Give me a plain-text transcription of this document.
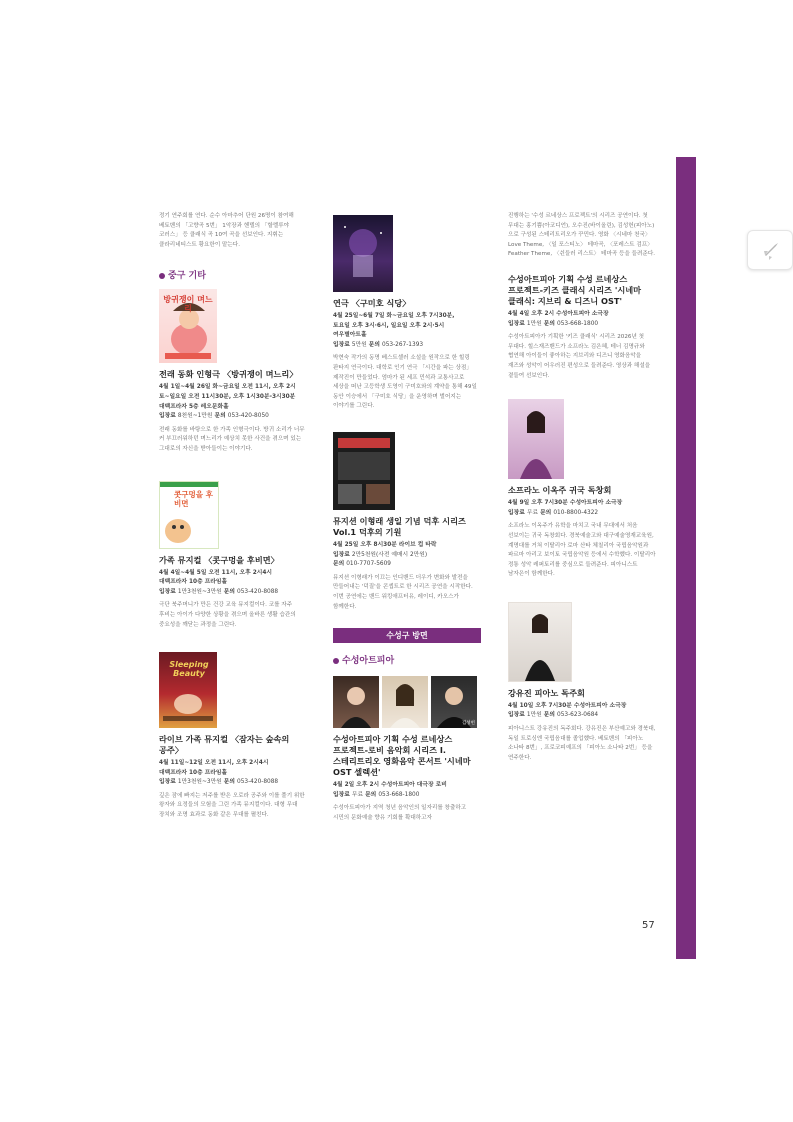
정기 연주회를 연다. 순수 아마추어 단원 26명이 참여해 베토벤의 「고향곡 5번」 1악장과 헨델의 「할렐루야 코러스」 등 클래식 곡 10여 곡을 선보인다. 지휘는 클라리네티스트 황요한이 맡는다.

중구 기타

방귀쟁이 며느리

전래 동화 인형극 〈방귀쟁이 며느리〉

4월 1일~4월 26일 화~금요일 오전 11시, 오후 2시

토~일요일 오전 11시30분, 오후 1시30분-3시30분

대백프라자 5층 레오문화홀

입장료 8천원~1만원 문의 053-420-8050

전래 동화를 바탕으로 한 가족 인형극이다. 방귀 소리가 너무 커 부끄러워하던 며느리가 예상치 못한 사건을 겪으며 있는 그대로의 자신을 받아들이는 이야기다.

콧구멍을 후비면

가족 뮤지컬 〈콧구멍을 후비면〉

4월 4일~4월 5일 오전 11시, 오후 2시4시

대백프라자 10층 프라임홀

입장료 1만3천원~3만원 문의 053-420-8088

극단 북주머니가 만든 건강 교육 뮤지컬이다. 코를 자주 후비는 아이가 다양한 상황을 겪으며 올바른 생활 습관의 중요성을 깨닫는 과정을 그린다.

Sleeping Beauty

라이브 가족 뮤지컬 〈잠자는 숲속의 공주〉

4월 11일~12일 오전 11시, 오후 2시4시

대백프라자 10층 프라임홀

입장료 1만3천원~3만원 문의 053-420-8088

깊은 잠에 빠지는 저주를 받은 오로라 공주와 이를 풀기 위한 왕자와 요정들의 모험을 그린 가족 뮤지컬이다. 대형 무대 장치와 조명 효과로 동화 같은 무대를 펼친다.

연극 〈구미호 식당〉

4월 25일~6월 7일 화~금요일 오후 7시30분,

토요일 오후 3시·6시, 일요일 오후 2시·5시

여우별아트홀

입장료 5만원 문의 053-267-1393

박현숙 작가의 동명 베스트셀러 소설을 원작으로 한 힐링 판타지 연극이다. 대학로 인기 연극 「시간을 파는 상점」 제작진이 만들었다. 엄마가 된 세프 민석과 교통사고로 세상을 떠난 고등학생 도영이 구미호와의 계약을 통해 49일 동안 이승에서 「구미호 식당」을 운영하며 벌어지는 이야기를 그린다.

뮤지션 이형래 생일 기념 덕후 시리즈 Vol.1 덕후의 기원

4월 25일 오후 8시30분 라이브 컵 타락

입장료 2만5천원(사전 예매시 2만원)

문의 010-7707-5609

뮤지션 이형래가 이끄는 인디밴드 더우가 변화와 발전을 만들어내는 '덕질'을 콘셉트로 한 시리즈 공연을 시작한다. 이번 공연에는 밴드 워킹애프터유, 레이디, 카오스가 함께한다.

수성구 방면

수성아트피아

김성헌

수성아트피아 기획 수성 르네상스 프로젝트-로비 음악회 시리즈 I. 스테리트리오 영화음악 콘서트 '시네마 OST 셀렉션'

4월 2일 오후 2시 수성아트피아 대극장 로비

입장료 무료 문의 053-668-1800

수성아트피아가 지역 청년 음악인의 일자리를 창출하고 시민의 문화예술 향유 기회를 확대하고자

진행하는 '수성 르네상스 프로젝트'의 시리즈 공연이다. 첫 무대는 홍기쁨(아코디언), 오수진(바이올린), 김성헌(피아노)으로 구성된 스테리트리오가 꾸민다. 영화 〈시네마 천국〉 Love Theme, 〈일 포스티노〉 테마곡, 〈포레스트 검프〉 Feather Theme, 〈쉰들러 리스트〉 테마곡 등을 들려준다.

수성아트피아 기획 수성 르네상스 프로젝트-키즈 클래식 시리즈 '시네마 클래식: 지브리 & 디즈니 OST'

4월 4일 오후 2시 수성아트피아 소극장

입장료 1만원 문의 053-668-1800

수성아트피아가 기획한 '키즈 클래식' 시리즈 2026년 첫 무대다. 힐스재즈밴드가 소프라노 김은혜, 테너 김명규와 협연해 아이들이 좋아하는 지브리와 디즈니 영화음악을 재즈와 성악이 어우러진 편성으로 들려준다. 영상과 해설을 곁들여 선보인다.

소프라노 이옥주 귀국 독창회

4월 9일 오후 7시30분 수성아트피아 소극장

입장료 무료 문의 010-8800-4322

소프라노 이옥주가 유학을 마치고 국내 무대에서 처음 선보이는 귀국 독창회다. 경북예술고와 대구예술영재교육원, 계명대를 거쳐 이탈리아 로마 산타 체칠리아 국립음악원과 파르마 아리고 보이토 국립음악원 등에서 수학했다. 이탈리아 정통 성악 레퍼토리를 중심으로 들려준다. 피아니스트 남자은이 함께한다.

강유진 피아노 독주회

4월 10일 오후 7시30분 수성아트피아 소극장

입장료 1만원 문의 053-623-0684

피아니스트 강유진의 독주회다. 강유진은 부산예고와 경북대, 독일 트로싱엔 국립음대를 졸업했다. 베토벤의 「피아노 소나타 8번」, 프로코피예프의 「피아노 소나타 2번」 등을 연주한다.

57
